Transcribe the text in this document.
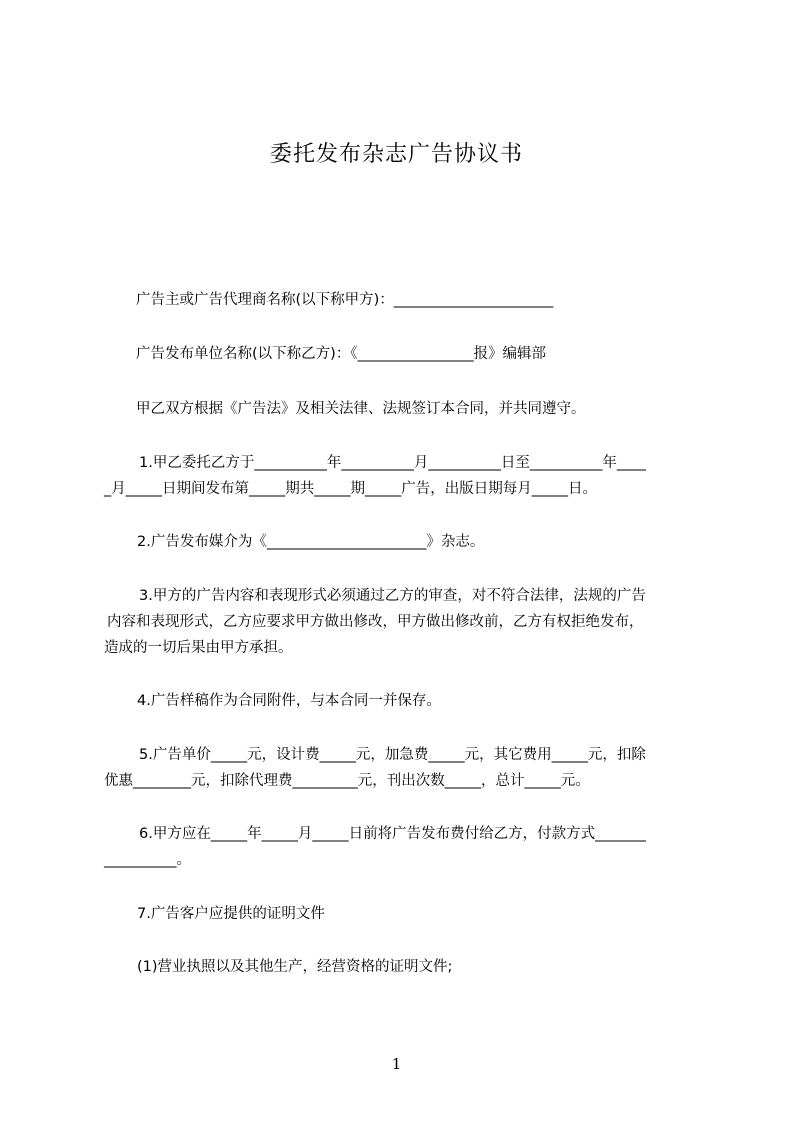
委托发布杂志广告协议书
广告主或广告代理商名称(以下称甲方)：______________________
广告发布单位名称(以下称乙方)：《________________报》编辑部
甲乙双方根据《广告法》及相关法律、法规签订本合同，并共同遵守。
1.甲乙委托乙方于__________年__________月__________日至__________年____
_月_____日期间发布第_____期共_____期_____广告，出版日期每月_____日。
2.广告发布媒介为《______________________》杂志。
3.甲方的广告内容和表现形式必须通过乙方的审查，对不符合法律，法规的广告
内容和表现形式，乙方应要求甲方做出修改，甲方做出修改前，乙方有权拒绝发布，
造成的一切后果由甲方承担。
4.广告样稿作为合同附件，与本合同一并保存。
5.广告单价_____元，设计费_____元，加急费_____元，其它费用_____元，扣除
优惠________元，扣除代理费_________元，刊出次数_____，总计_____元。
6.甲方应在_____年_____月_____日前将广告发布费付给乙方，付款方式_______
__________。
7.广告客户应提供的证明文件
(1)营业执照以及其他生产，经营资格的证明文件;
1
